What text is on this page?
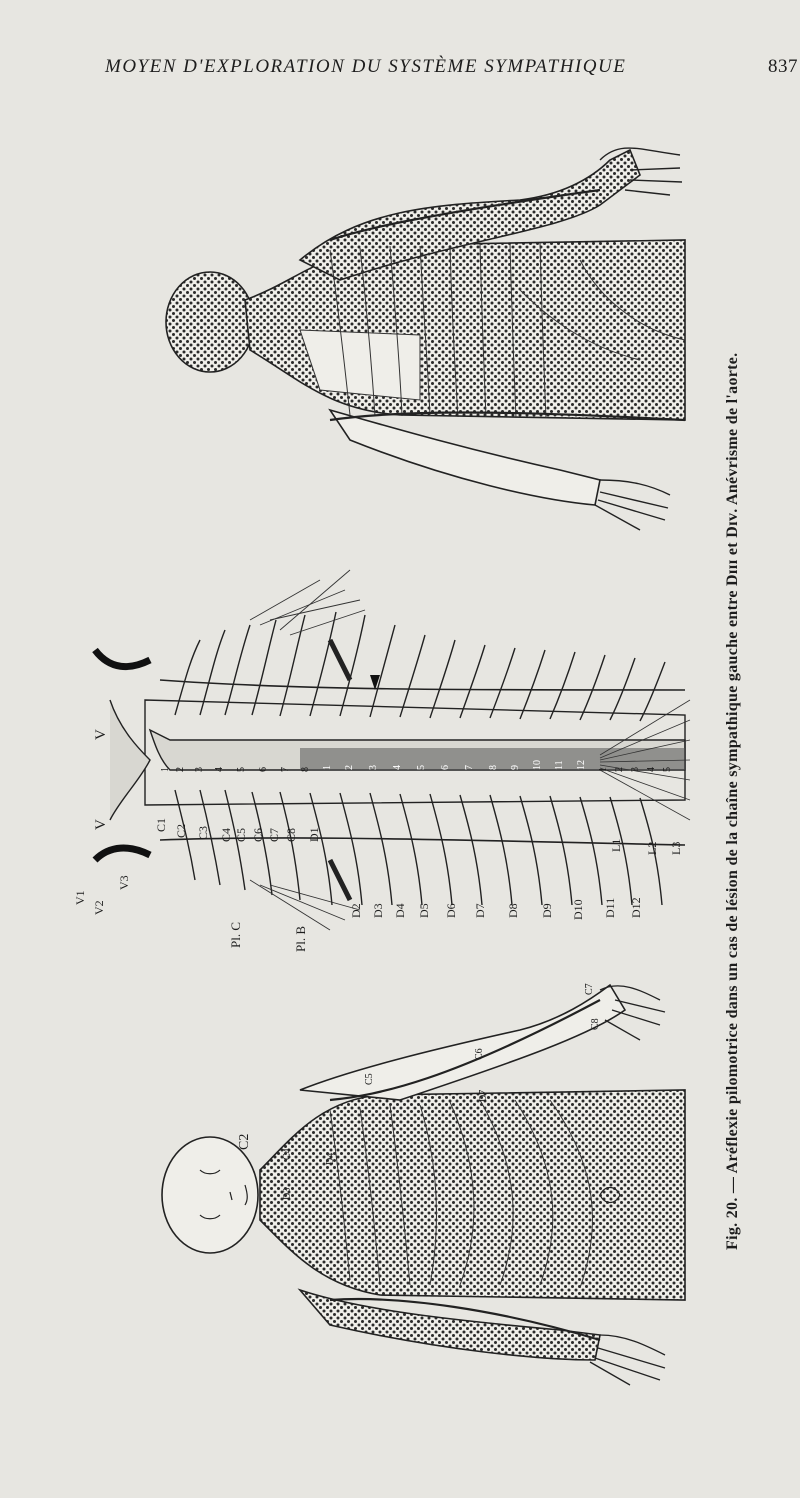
MOYEN D'EXPLORATION DU SYSTÈME SYMPATHIQUE	837
V1
V2
V3
V
V
Pl. C	Pl. B
C1 C2 C3 C4 C5 C6 C7 C8 D1
D2 D3 D4 D5 D6 D7 D8 D9 D10 D11 D12
L1 L2 L3
1 2 3 4 5 6 7 8 1 2 3 4 5 6 7 8 9 10 11 12 1 2 3 4 5
C2
C4
D3
D4
C5
C6
D7
C8
C7	Fig. 20. — Aréflexie pilomotrice dans un cas de lésion de la chaîne sympathique gauche entre Dɪɪɪ et Dɪᴠ. Anévrisme de l'aorte.
